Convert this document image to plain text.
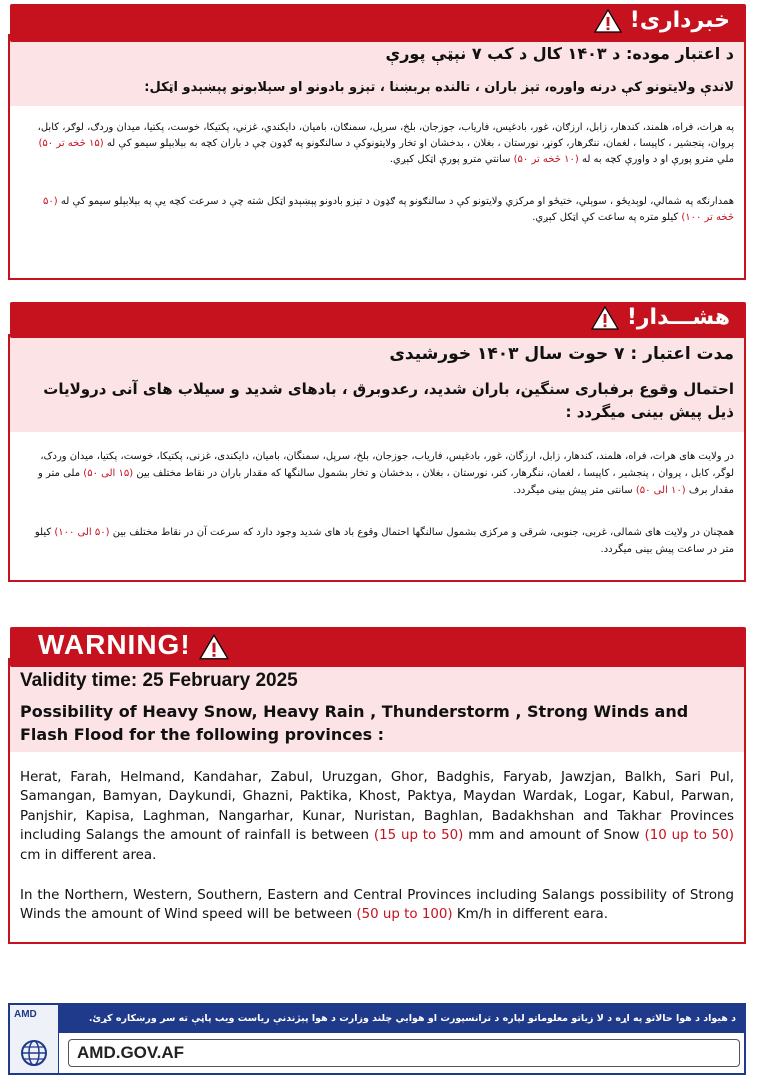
د اعتبار موده: د ۱۴۰۳ کال د کب ۷ نېټې پورې
لاندې ولایتونو کې درنه واوره، تېز باران ، تالنده بربښنا ، تېزو بادونو او سېلابونو پېښېدو اټکل:

په هرات، فراه، هلمند، کندهار، زابل، ارزګان، غور، بادغیس، فاریاب، جوزجان، بلخ، سرپل، سمنګان، بامیان، دایکندي، غزني، پکتیکا، خوست، پکتیا، میدان وردګ، لوګر، کابل، پروان، پنجشیر ، کاپیسا ، لغمان، ننګرهار، کونړ، نورستان ، بغلان ، بدخشان او تخار ولایتونوکې د سالنګونو په ګډون چې د باران کچه به بېلابېلو سیمو کې له (۱۵ څخه تر ۵۰) ملي مترو پورې او د واورې کچه به له (۱۰ څخه تر ۵۰) سانتي مترو پورې اټکل کېږي.

همدارنګه په شمالي، لوېديځو ، سوېلي، ختيځو او مرکزي ولايتونو کې د سالنګونو په ګډون د تېزو بادونو پېښېدو اټکل شته چې د سرعت کچه يې په بېلابېلو سيمو کې له (۵۰ څخه تر ۱۰۰) کيلو متره په ساعت کې اټکل کېږي.

خبرداری!
مدت اعتبار : ۷ حوت سال ۱۴۰۳ خورشیدی
احتمال وقوع برفباری سنگین، باران شدید، رعدوبرق ، بادهای شدید و سیلاب های آنی درولایات ذیل پیش بینی میگردد :

در ولایت های هرات، فراه، هلمند، کندهار، زابل، ارزگان، غور، بادغیس، فاریاب، جوزجان، بلخ، سرپل، سمنگان، بامیان، دایکندی، غزنی، پکتیکا، خوست، پکتیا، میدان وردک، لوگر، کابل ، پروان ، پنجشیر ، کاپیسا ، لغمان، ننگرهار، کنر، نورستان ، بغلان ، بدخشان و تخار بشمول سالنگها که مقدار باران در نقاط مختلف بین (۱۵ الی ۵۰) ملی متر و مقدار برف (۱۰ الی ۵۰) سانتی متر پیش بینی میگردد.

همچنان در ولایت های شمالی، غربی، جنوبی، شرقی و مرکزی بشمول سالنگها احتمال وقوع باد های شدید وجود دارد که سرعت آن در نقاط مختلف بین (۵۰ الی ۱۰۰) کیلو متر در ساعت پیش بینی میگردد.

هشـــدار!
Validity time: 25 February 2025
Possibility of Heavy Snow, Heavy Rain , Thunderstorm , Strong Winds and Flash Flood for the following provinces :

Herat, Farah, Helmand, Kandahar, Zabul, Uruzgan, Ghor, Badghis, Faryab, Jawzjan, Balkh, Sari Pul, Samangan, Bamyan, Daykundi, Ghazni, Paktika, Khost, Paktya, Maydan Wardak, Logar, Kabul, Parwan, Panjshir, Kapisa, Laghman, Nangarhar, Kunar, Nuristan, Baghlan, Badakhshan and Takhar Provinces including Salangs the amount of rainfall is between (15 up to 50) mm and amount of Snow (10 up to 50) cm in different area.

In the Northern, Western, Southern, Eastern and Central Provinces including Salangs possibility of Strong Winds the amount of Wind speed will be between (50 up to 100) Km/h in different eara.

WARNING!
AMD	د هیواد د هوا حالاتو په اړه د لا زیاتو معلوماتو لپاره د ترانسپورت او هوایي چلند وزارت د هوا پېژندنې ریاست ویب پاڼې ته سر ورښکاره کړئ.
AMD.GOV.AF
